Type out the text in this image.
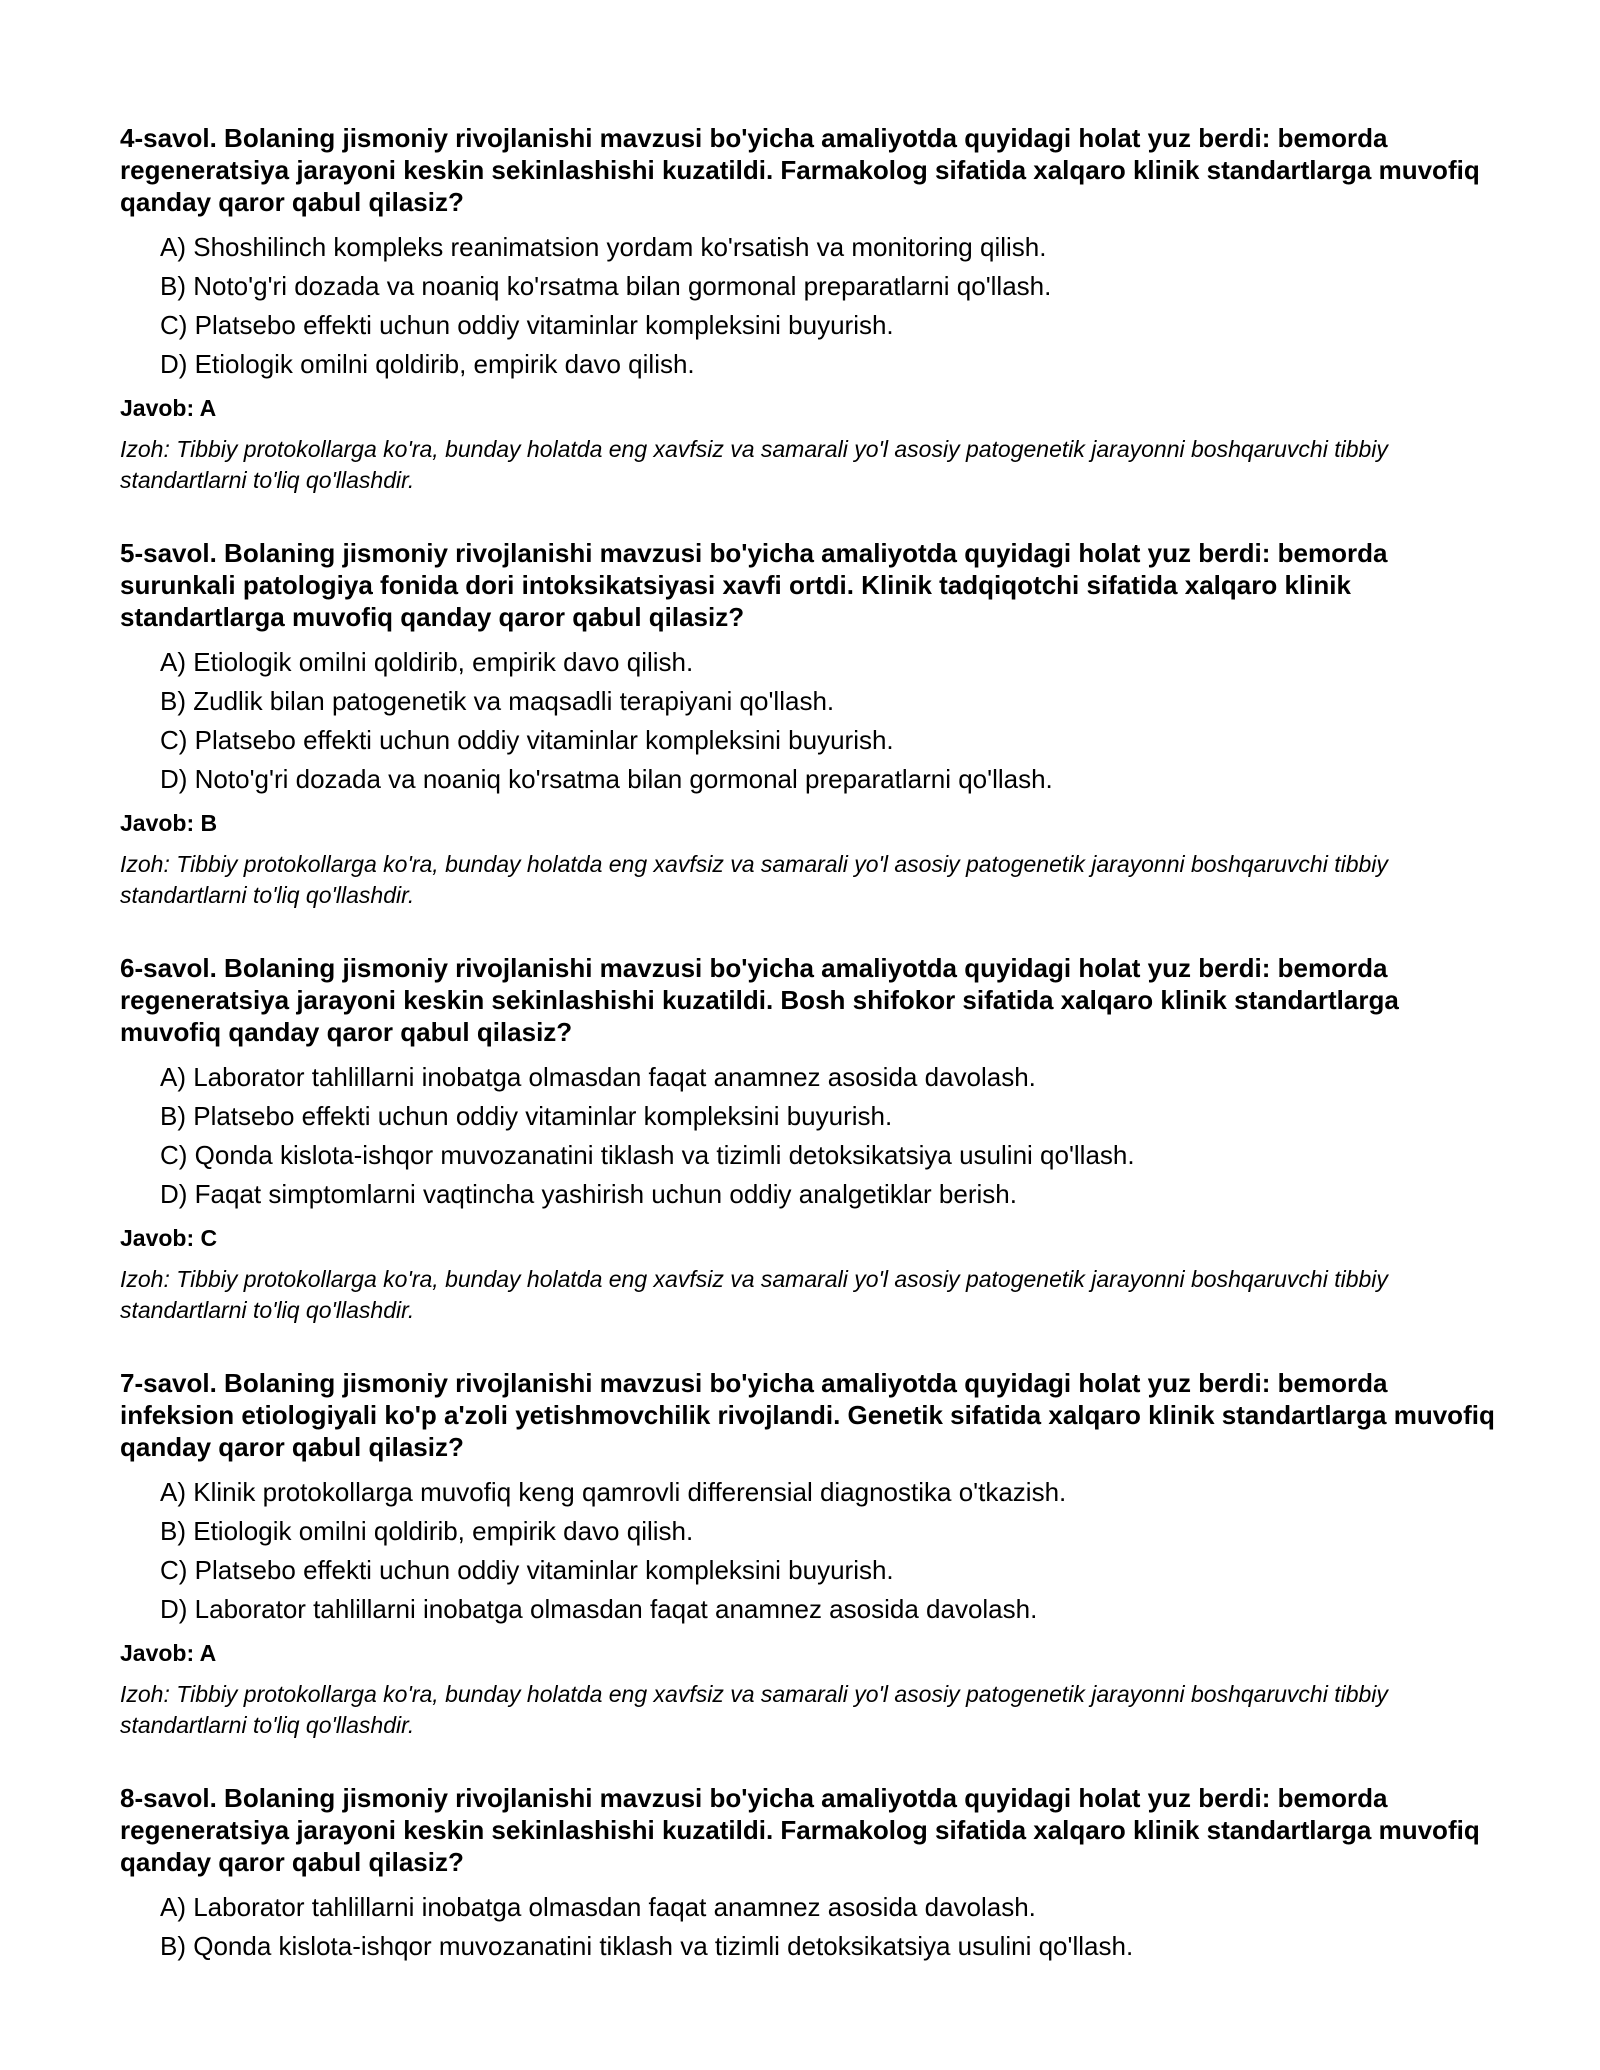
4-savol. Bolaning jismoniy rivojlanishi mavzusi bo'yicha amaliyotda quyidagi holat yuz berdi: bemorda regeneratsiya jarayoni keskin sekinlashishi kuzatildi. Farmakolog sifatida xalqaro klinik standartlarga muvofiq qanday qaror qabul qilasiz?

A) Shoshilinch kompleks reanimatsion yordam ko'rsatish va monitoring qilish.
B) Noto'g'ri dozada va noaniq ko'rsatma bilan gormonal preparatlarni qo'llash.
C) Platsebo effekti uchun oddiy vitaminlar kompleksini buyurish.
D) Etiologik omilni qoldirib, empirik davo qilish.

Javob: A

Izoh: Tibbiy protokollarga ko'ra, bunday holatda eng xavfsiz va samarali yo'l asosiy patogenetik jarayonni boshqaruvchi tibbiy standartlarni to'liq qo'llashdir.

5-savol. Bolaning jismoniy rivojlanishi mavzusi bo'yicha amaliyotda quyidagi holat yuz berdi: bemorda surunkali patologiya fonida dori intoksikatsiyasi xavfi ortdi. Klinik tadqiqotchi sifatida xalqaro klinik standartlarga muvofiq qanday qaror qabul qilasiz?

A) Etiologik omilni qoldirib, empirik davo qilish.
B) Zudlik bilan patogenetik va maqsadli terapiyani qo'llash.
C) Platsebo effekti uchun oddiy vitaminlar kompleksini buyurish.
D) Noto'g'ri dozada va noaniq ko'rsatma bilan gormonal preparatlarni qo'llash.

Javob: B

Izoh: Tibbiy protokollarga ko'ra, bunday holatda eng xavfsiz va samarali yo'l asosiy patogenetik jarayonni boshqaruvchi tibbiy standartlarni to'liq qo'llashdir.

6-savol. Bolaning jismoniy rivojlanishi mavzusi bo'yicha amaliyotda quyidagi holat yuz berdi: bemorda regeneratsiya jarayoni keskin sekinlashishi kuzatildi. Bosh shifokor sifatida xalqaro klinik standartlarga muvofiq qanday qaror qabul qilasiz?

A) Laborator tahlillarni inobatga olmasdan faqat anamnez asosida davolash.
B) Platsebo effekti uchun oddiy vitaminlar kompleksini buyurish.
C) Qonda kislota-ishqor muvozanatini tiklash va tizimli detoksikatsiya usulini qo'llash.
D) Faqat simptomlarni vaqtincha yashirish uchun oddiy analgetiklar berish.

Javob: C

Izoh: Tibbiy protokollarga ko'ra, bunday holatda eng xavfsiz va samarali yo'l asosiy patogenetik jarayonni boshqaruvchi tibbiy standartlarni to'liq qo'llashdir.

7-savol. Bolaning jismoniy rivojlanishi mavzusi bo'yicha amaliyotda quyidagi holat yuz berdi: bemorda infeksion etiologiyali ko'p a'zoli yetishmovchilik rivojlandi. Genetik sifatida xalqaro klinik standartlarga muvofiq qanday qaror qabul qilasiz?

A) Klinik protokollarga muvofiq keng qamrovli differensial diagnostika o'tkazish.
B) Etiologik omilni qoldirib, empirik davo qilish.
C) Platsebo effekti uchun oddiy vitaminlar kompleksini buyurish.
D) Laborator tahlillarni inobatga olmasdan faqat anamnez asosida davolash.

Javob: A

Izoh: Tibbiy protokollarga ko'ra, bunday holatda eng xavfsiz va samarali yo'l asosiy patogenetik jarayonni boshqaruvchi tibbiy standartlarni to'liq qo'llashdir.

8-savol. Bolaning jismoniy rivojlanishi mavzusi bo'yicha amaliyotda quyidagi holat yuz berdi: bemorda regeneratsiya jarayoni keskin sekinlashishi kuzatildi. Farmakolog sifatida xalqaro klinik standartlarga muvofiq qanday qaror qabul qilasiz?

A) Laborator tahlillarni inobatga olmasdan faqat anamnez asosida davolash.
B) Qonda kislota-ishqor muvozanatini tiklash va tizimli detoksikatsiya usulini qo'llash.
